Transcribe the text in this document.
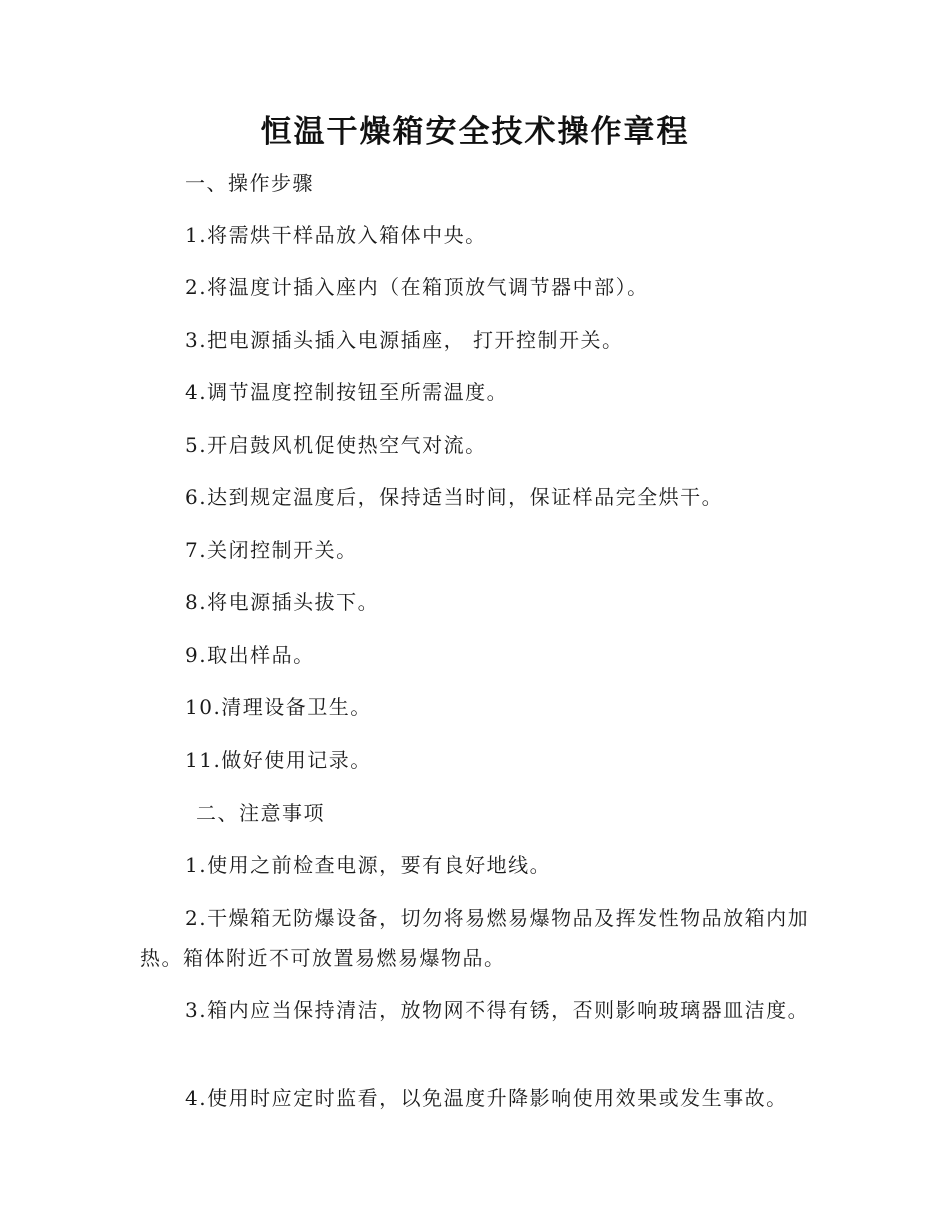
恒温干燥箱安全技术操作章程
一、操作步骤
1.将需烘干样品放入箱体中央。
2.将温度计插入座内（在箱顶放气调节器中部）。
3.把电源插头插入电源插座， 打开控制开关。
4.调节温度控制按钮至所需温度。
5.开启鼓风机促使热空气对流。
6.达到规定温度后，保持适当时间，保证样品完全烘干。
7.关闭控制开关。
8.将电源插头拔下。
9.取出样品。
10.清理设备卫生。
11.做好使用记录。
二、注意事项
1.使用之前检查电源，要有良好地线。
2.干燥箱无防爆设备，切勿将易燃易爆物品及挥发性物品放箱内加热。箱体附近不可放置易燃易爆物品。
3.箱内应当保持清洁，放物网不得有锈，否则影响玻璃器皿洁度。
4.使用时应定时监看，以免温度升降影响使用效果或发生事故。
